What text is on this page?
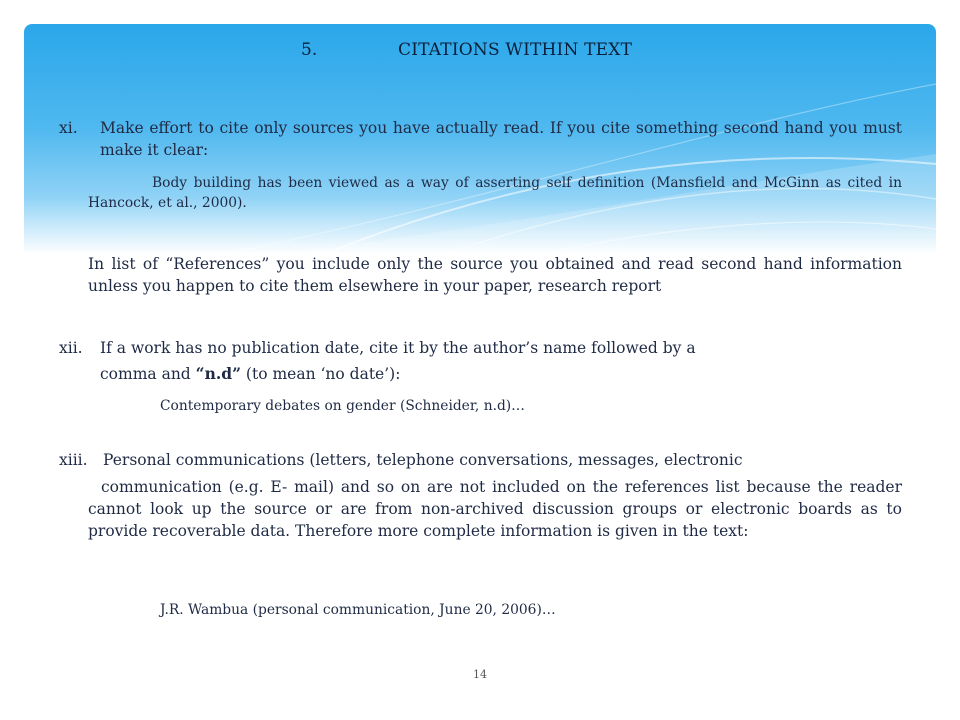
5.	CITATIONS WITHIN TEXT
xi. Make effort to cite only sources you have actually read. If you cite something second hand you must make it clear:
Body building has been viewed as a way of asserting self definition (Mansfield and McGinn as cited in Hancock, et al., 2000).
In list of “References” you include only the source you obtained and read second hand information unless you happen to cite them elsewhere in your paper, research report
xii. If a work has no publication date, cite it by the author’s name followed by a
comma and “n.d” (to mean ‘no date’):
Contemporary debates on gender (Schneider, n.d)…
xiii. Personal communications (letters, telephone conversations, messages, electronic
communication (e.g. E- mail) and so on are not included on the references list because the reader cannot look up the source or are from non-archived discussion groups or electronic boards as to provide recoverable data. Therefore more complete information is given in the text:
J.R. Wambua (personal communication, June 20, 2006)…
14
